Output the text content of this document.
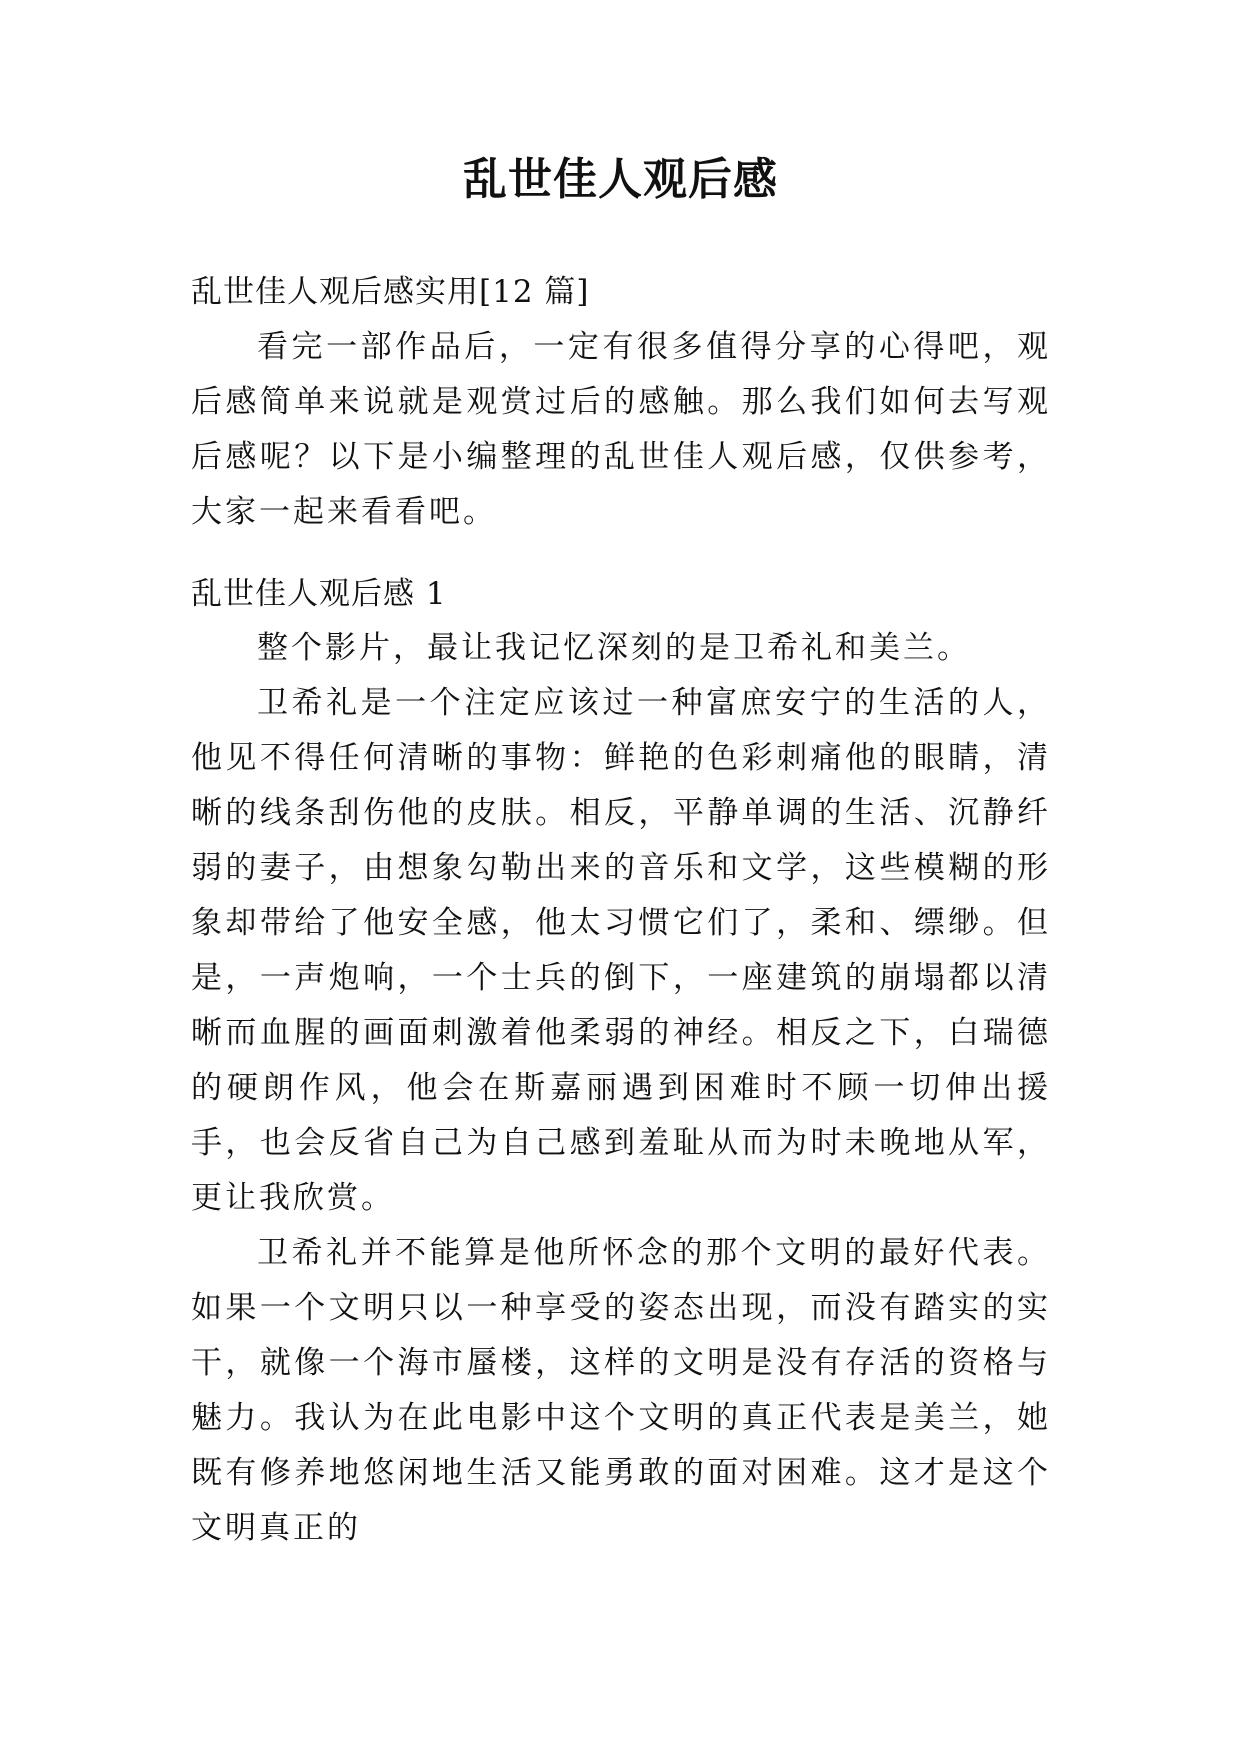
乱世佳人观后感

乱世佳人观后感实用[12 篇]

看完一部作品后，一定有很多值得分享的心得吧，观后感简单来说就是观赏过后的感触。那么我们如何去写观后感呢？以下是小编整理的乱世佳人观后感，仅供参考，大家一起来看看吧。

乱世佳人观后感 1

整个影片，最让我记忆深刻的是卫希礼和美兰。

卫希礼是一个注定应该过一种富庶安宁的生活的人，他见不得任何清晰的事物：鲜艳的色彩刺痛他的眼睛，清晰的线条刮伤他的皮肤。相反，平静单调的生活、沉静纤弱的妻子，由想象勾勒出来的音乐和文学，这些模糊的形象却带给了他安全感，他太习惯它们了，柔和、缥缈。但是，一声炮响，一个士兵的倒下，一座建筑的崩塌都以清晰而血腥的画面刺激着他柔弱的神经。相反之下，白瑞德的硬朗作风，他会在斯嘉丽遇到困难时不顾一切伸出援手，也会反省自己为自己感到羞耻从而为时未晚地从军，更让我欣赏。

卫希礼并不能算是他所怀念的那个文明的最好代表。如果一个文明只以一种享受的姿态出现，而没有踏实的实干，就像一个海市蜃楼，这样的文明是没有存活的资格与魅力。我认为在此电影中这个文明的真正代表是美兰，她既有修养地悠闲地生活又能勇敢的面对困难。这才是这个文明真正的
